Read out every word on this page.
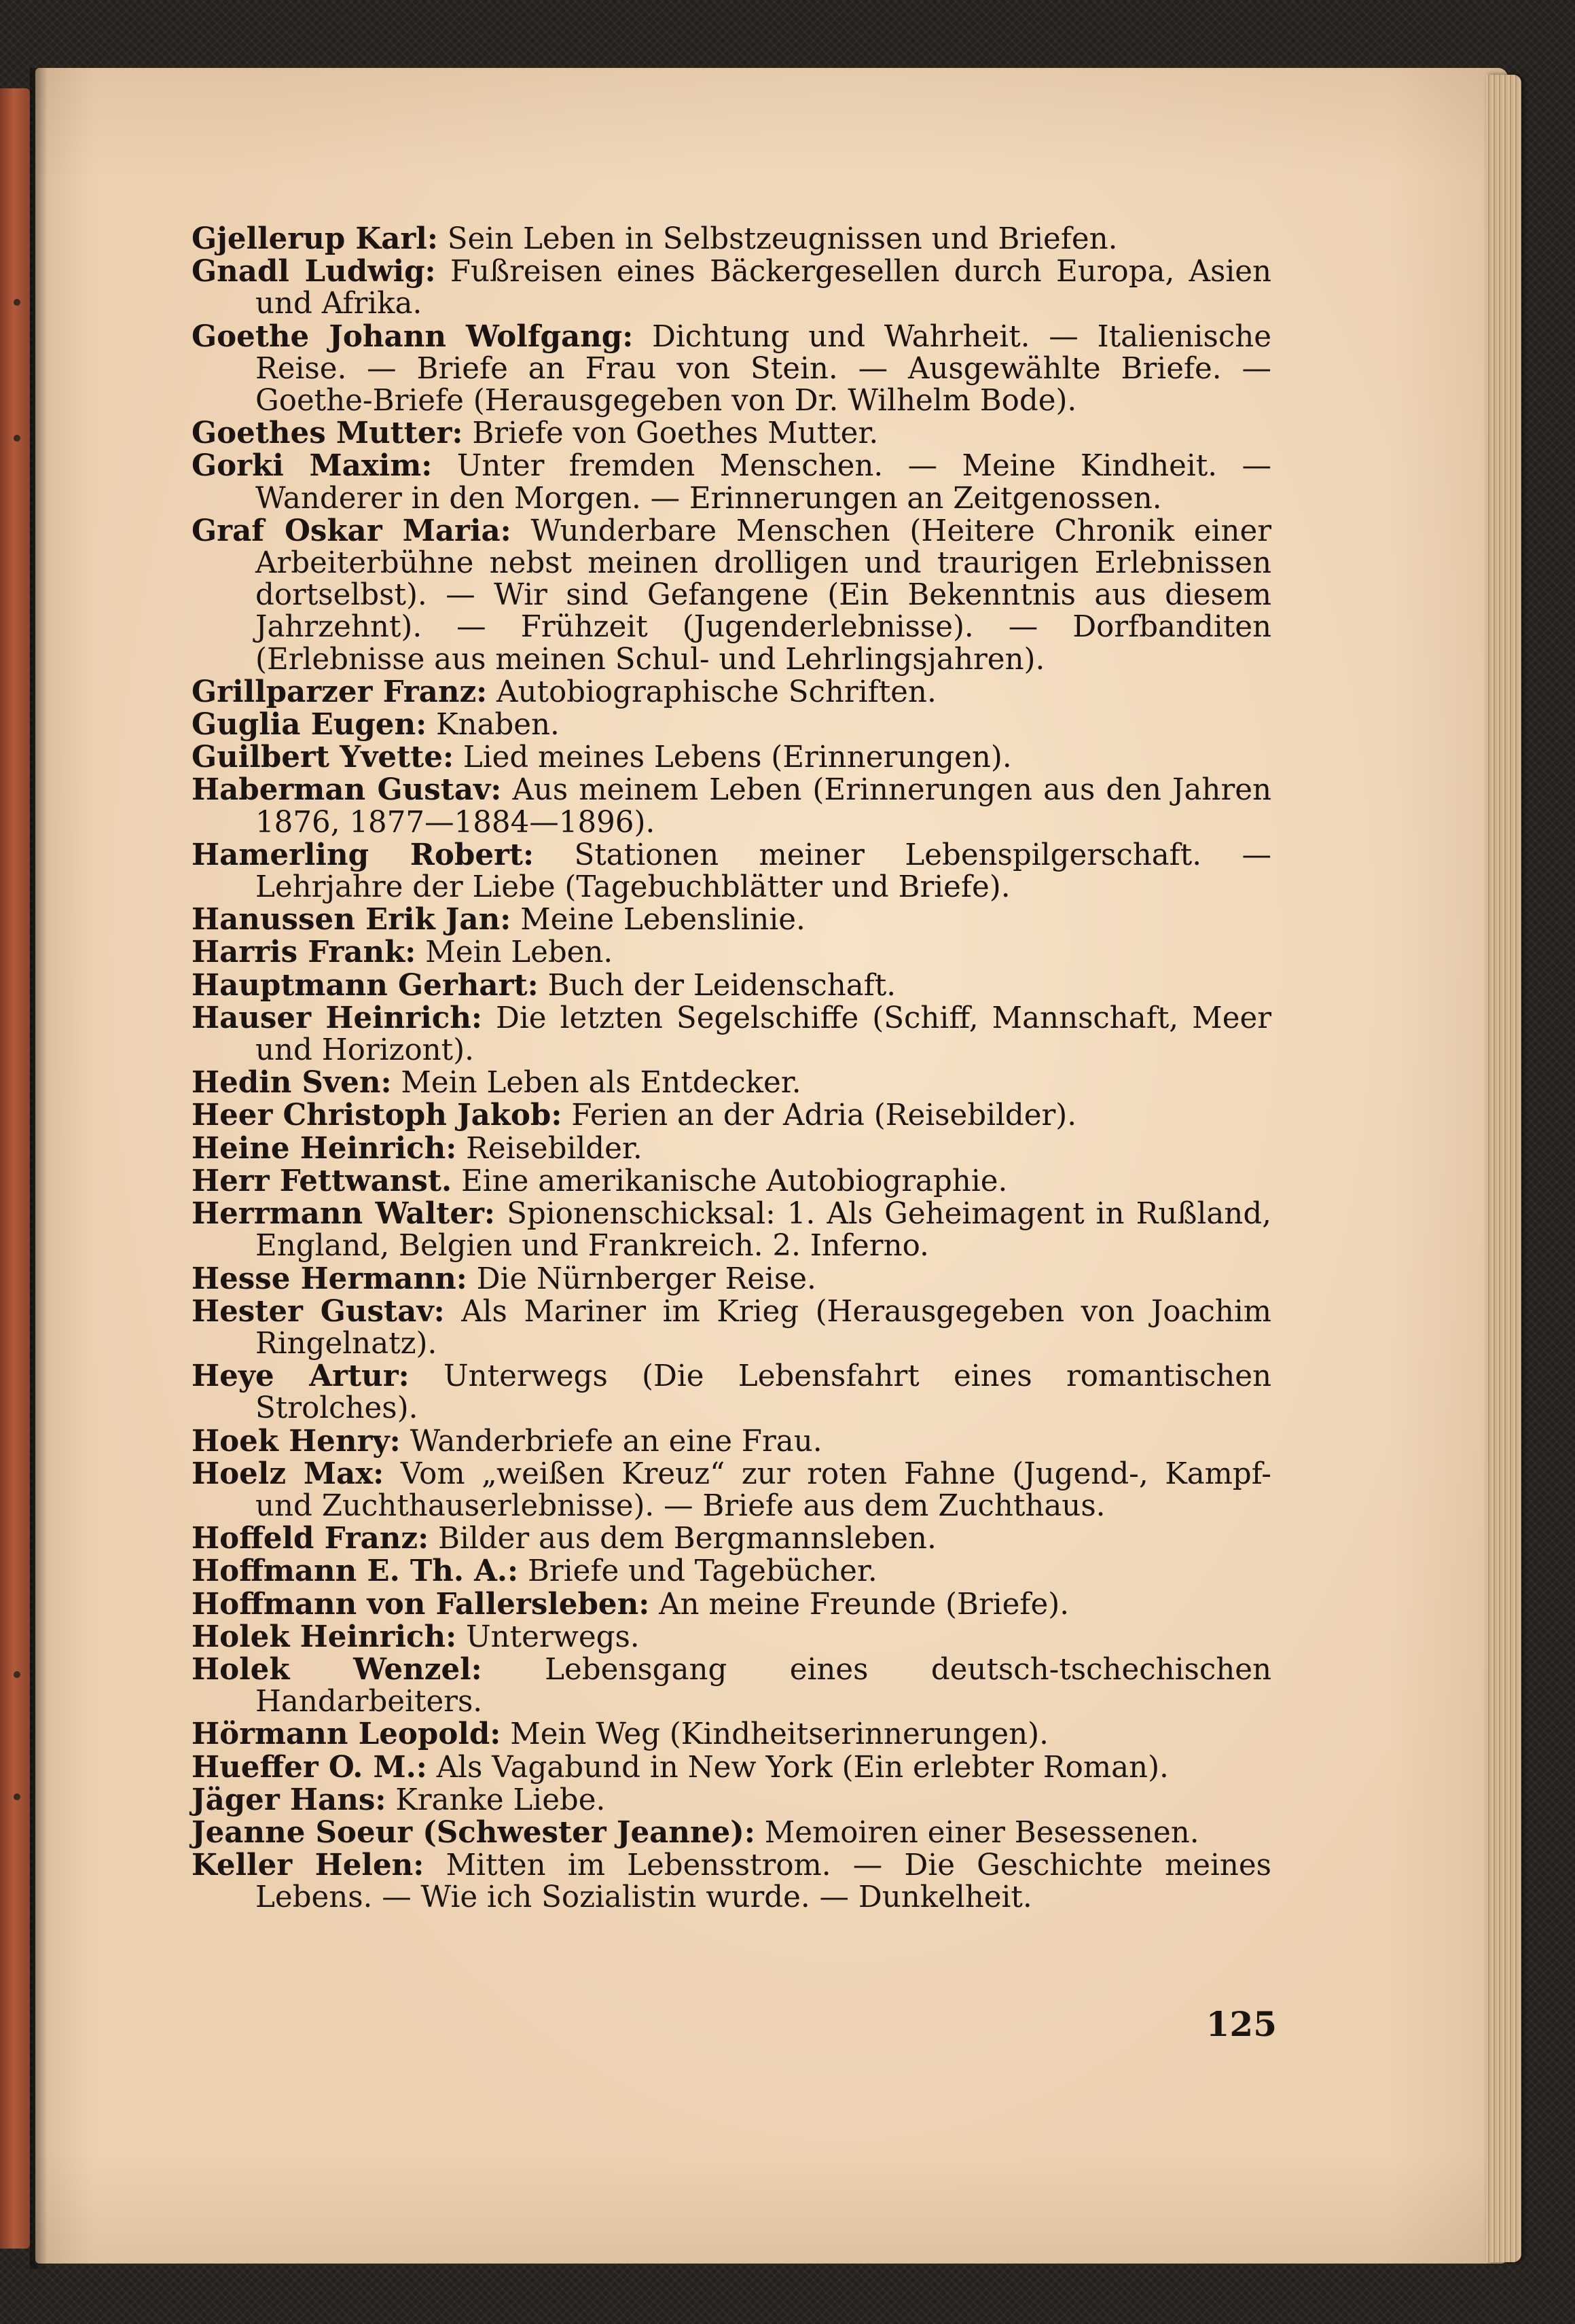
Gjellerup Karl: Sein Leben in Selbstzeugnissen und Briefen.

Gnadl Ludwig: Fußreisen eines Bäckergesellen durch Europa, Asien und Afrika.

Goethe Johann Wolfgang: Dichtung und Wahrheit. — Italienische Reise. — Briefe an Frau von Stein. — Ausgewählte Briefe. — Goethe-Briefe (Herausgegeben von Dr. Wilhelm Bode).

Goethes Mutter: Briefe von Goethes Mutter.

Gorki Maxim: Unter fremden Menschen. — Meine Kindheit. — Wanderer in den Morgen. — Erinnerungen an Zeitgenossen.

Graf Oskar Maria: Wunderbare Menschen (Heitere Chronik einer Arbeiterbühne nebst meinen drolligen und traurigen Erlebnissen dortselbst). — Wir sind Gefangene (Ein Bekenntnis aus diesem Jahrzehnt). — Frühzeit (Jugenderlebnisse). — Dorfbanditen (Erlebnisse aus meinen Schul- und Lehrlingsjahren).

Grillparzer Franz: Autobiographische Schriften.

Guglia Eugen: Knaben.

Guilbert Yvette: Lied meines Lebens (Erinnerungen).

Haberman Gustav: Aus meinem Leben (Erinnerungen aus den Jahren 1876, 1877—1884—1896).

Hamerling Robert: Stationen meiner Lebenspilgerschaft. — Lehrjahre der Liebe (Tagebuchblätter und Briefe).

Hanussen Erik Jan: Meine Lebenslinie.

Harris Frank: Mein Leben.

Hauptmann Gerhart: Buch der Leidenschaft.

Hauser Heinrich: Die letzten Segelschiffe (Schiff, Mannschaft, Meer und Horizont).

Hedin Sven: Mein Leben als Entdecker.

Heer Christoph Jakob: Ferien an der Adria (Reisebilder).

Heine Heinrich: Reisebilder.

Herr Fettwanst. Eine amerikanische Autobiographie.

Herrmann Walter: Spionenschicksal: 1. Als Geheimagent in Rußland, England, Belgien und Frankreich. 2. Inferno.

Hesse Hermann: Die Nürnberger Reise.

Hester Gustav: Als Mariner im Krieg (Herausgegeben von Joachim Ringelnatz).

Heye Artur: Unterwegs (Die Lebensfahrt eines romantischen Strolches).

Hoek Henry: Wanderbriefe an eine Frau.

Hoelz Max: Vom „weißen Kreuz“ zur roten Fahne (Jugend-, Kampf- und Zuchthauserlebnisse). — Briefe aus dem Zuchthaus.

Hoffeld Franz: Bilder aus dem Bergmannsleben.

Hoffmann E. Th. A.: Briefe und Tagebücher.

Hoffmann von Fallersleben: An meine Freunde (Briefe).

Holek Heinrich: Unterwegs.

Holek Wenzel: Lebensgang eines deutsch-tschechischen Handarbeiters.

Hörmann Leopold: Mein Weg (Kindheitserinnerungen).

Hueffer O. M.: Als Vagabund in New York (Ein erlebter Roman).

Jäger Hans: Kranke Liebe.

Jeanne Soeur (Schwester Jeanne): Memoiren einer Besessenen.

Keller Helen: Mitten im Lebensstrom. — Die Geschichte meines Lebens. — Wie ich Sozialistin wurde. — Dunkelheit.

125
